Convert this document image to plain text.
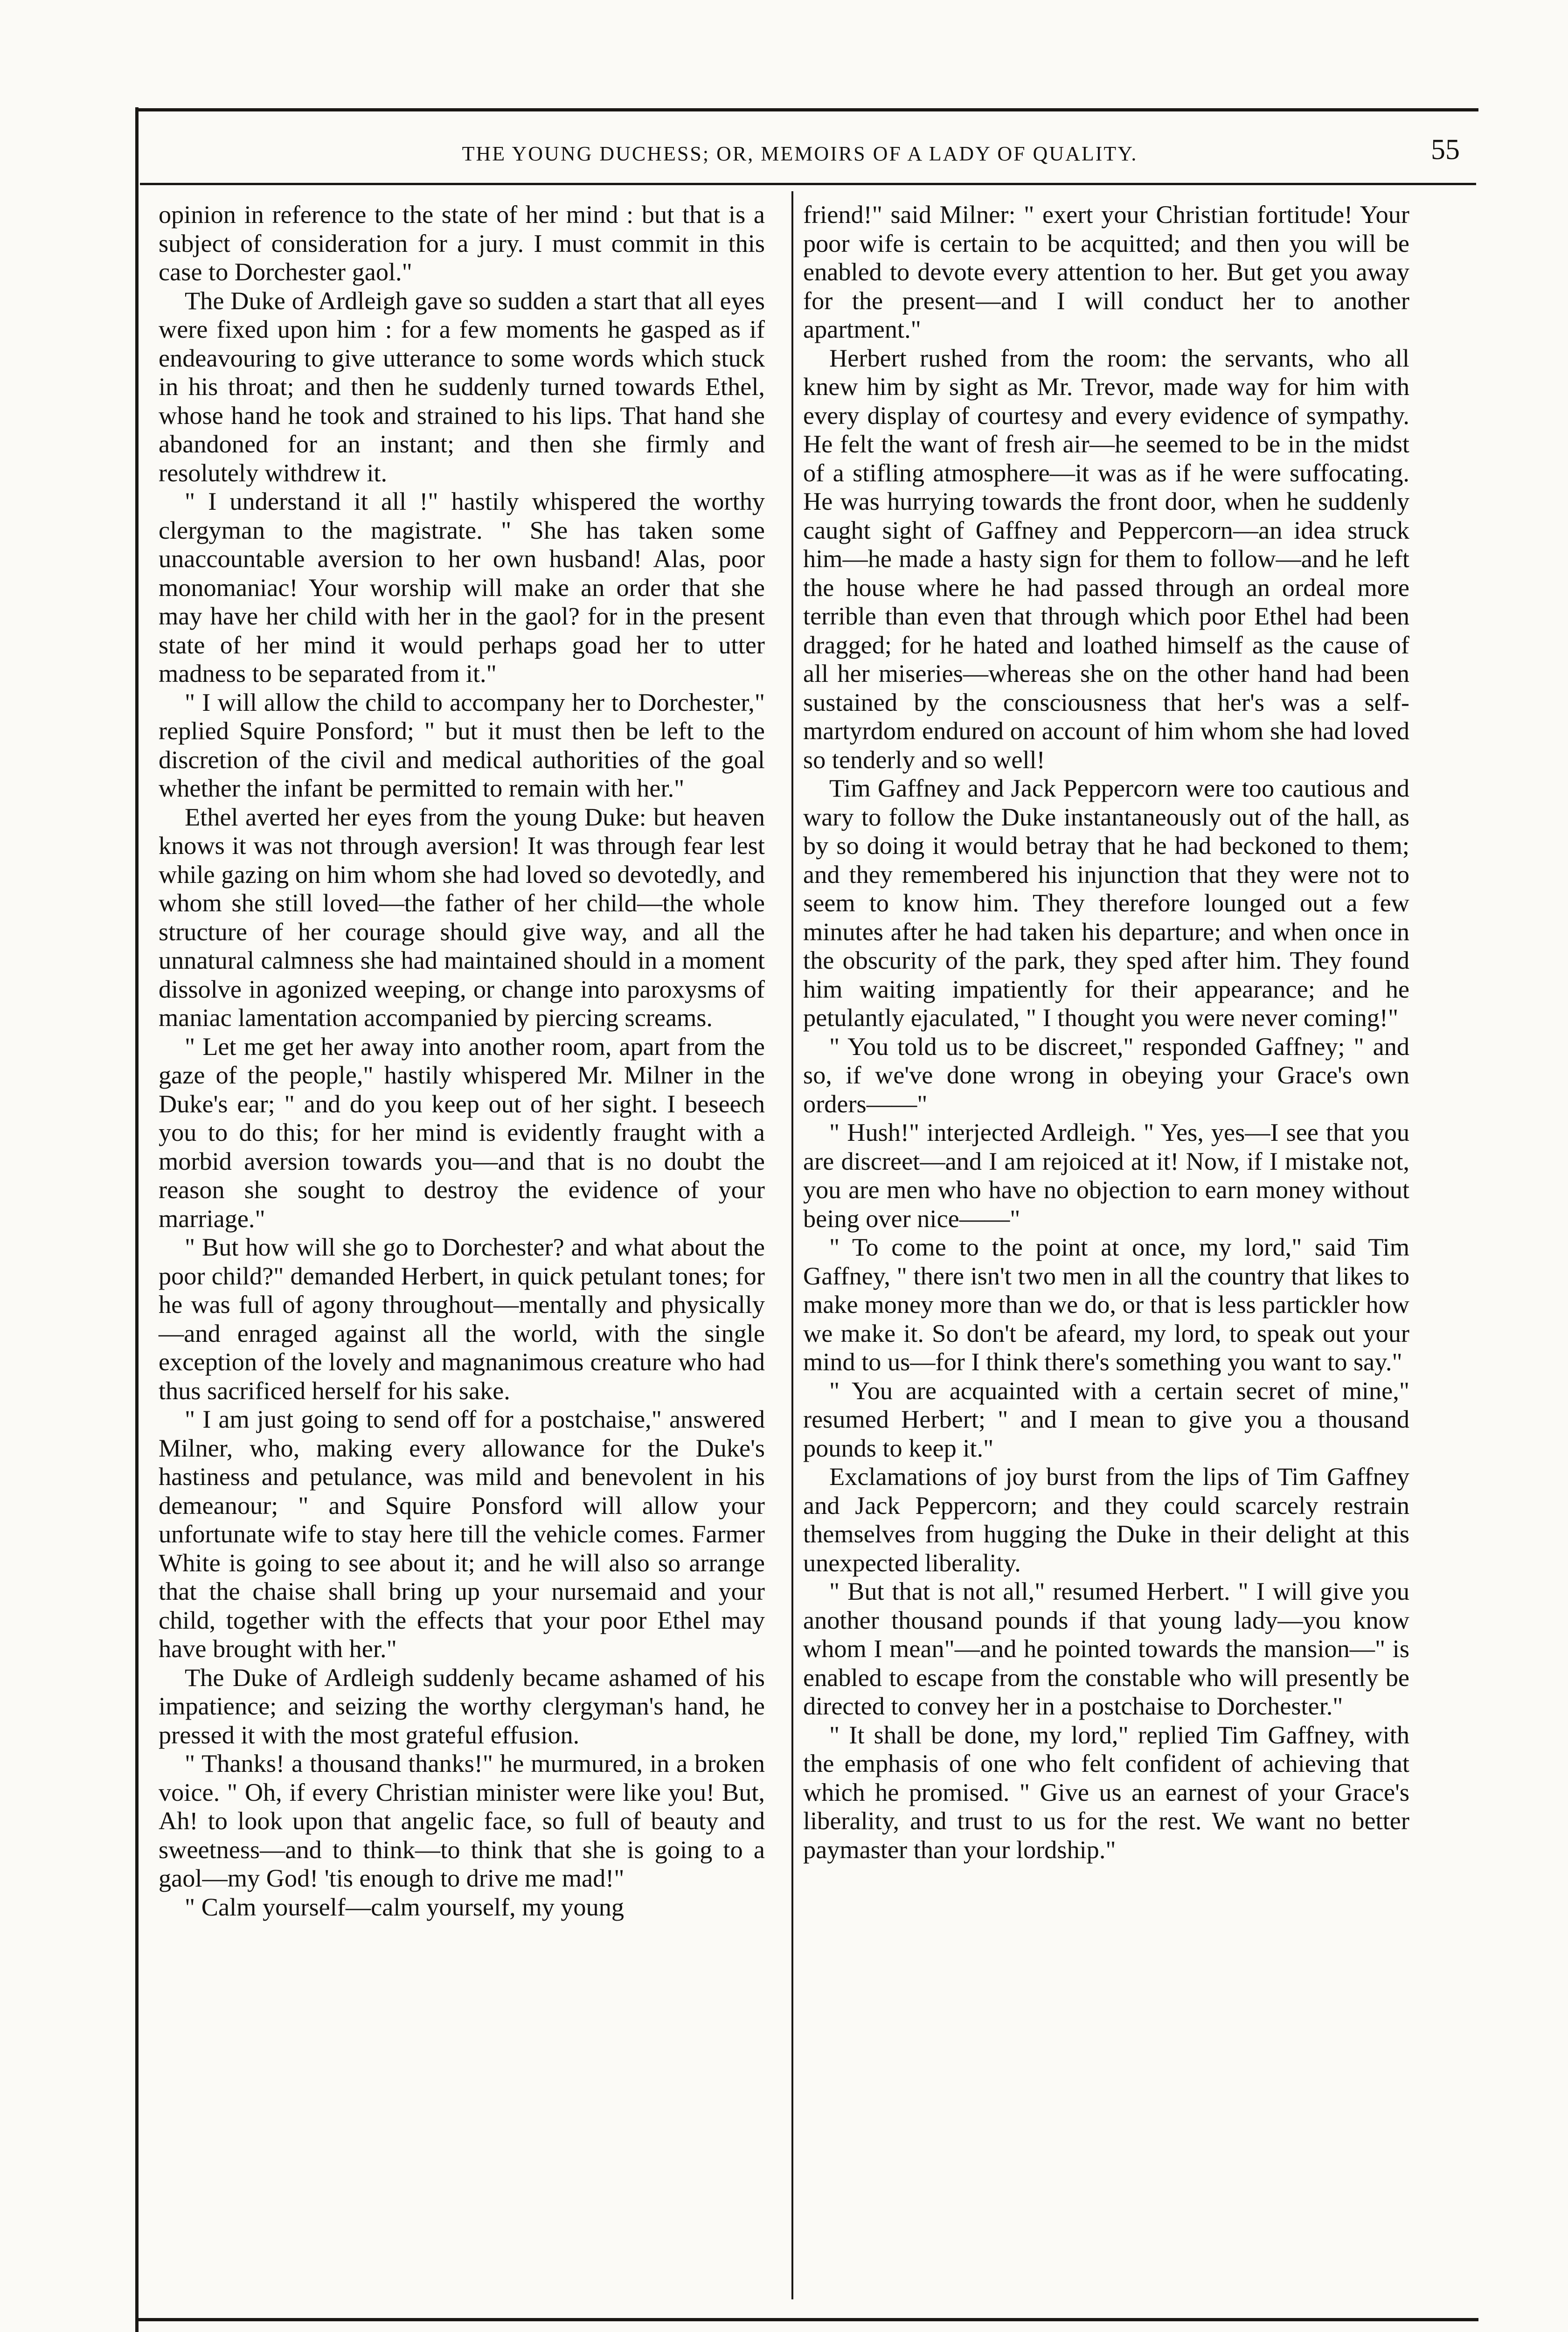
THE YOUNG DUCHESS; OR, MEMOIRS OF A LADY OF QUALITY.	55

opinion in reference to the state of her mind : but that is a subject of consideration for a jury. I must commit in this case to Dorchester gaol."

The Duke of Ardleigh gave so sudden a start that all eyes were fixed upon him : for a few moments he gasped as if endeavouring to give utterance to some words which stuck in his throat; and then he suddenly turned towards Ethel, whose hand he took and strained to his lips. That hand she abandoned for an instant; and then she firmly and resolutely withdrew it.

" I understand it all !" hastily whispered the worthy clergyman to the magistrate. " She has taken some unaccountable aversion to her own husband! Alas, poor monomaniac! Your worship will make an order that she may have her child with her in the gaol? for in the present state of her mind it would perhaps goad her to utter madness to be separated from it."

" I will allow the child to accompany her to Dorchester," replied Squire Ponsford; " but it must then be left to the discretion of the civil and medical authorities of the goal whether the infant be permitted to remain with her."

Ethel averted her eyes from the young Duke: but heaven knows it was not through aversion! It was through fear lest while gazing on him whom she had loved so devotedly, and whom she still loved—the father of her child—the whole structure of her courage should give way, and all the unnatural calmness she had maintained should in a moment dissolve in agonized weeping, or change into paroxysms of maniac lamentation accompanied by piercing screams.

" Let me get her away into another room, apart from the gaze of the people," hastily whispered Mr. Milner in the Duke's ear; " and do you keep out of her sight. I beseech you to do this; for her mind is evidently fraught with a morbid aversion towards you—and that is no doubt the reason she sought to destroy the evidence of your marriage."

" But how will she go to Dorchester? and what about the poor child?" demanded Herbert, in quick petulant tones; for he was full of agony throughout—mentally and physically—and enraged against all the world, with the single exception of the lovely and magnanimous creature who had thus sacrificed herself for his sake.

" I am just going to send off for a postchaise," answered Milner, who, making every allowance for the Duke's hastiness and petulance, was mild and benevolent in his demeanour; " and Squire Ponsford will allow your unfortunate wife to stay here till the vehicle comes. Farmer White is going to see about it; and he will also so arrange that the chaise shall bring up your nursemaid and your child, together with the effects that your poor Ethel may have brought with her."

The Duke of Ardleigh suddenly became ashamed of his impatience; and seizing the worthy clergyman's hand, he pressed it with the most grateful effusion.

" Thanks! a thousand thanks!" he murmured, in a broken voice. " Oh, if every Christian minister were like you! But, Ah! to look upon that angelic face, so full of beauty and sweetness—and to think—to think that she is going to a gaol—my God! 'tis enough to drive me mad!"

" Calm yourself—calm yourself, my young

friend!" said Milner: " exert your Christian fortitude! Your poor wife is certain to be acquitted; and then you will be enabled to devote every attention to her. But get you away for the present—and I will conduct her to another apartment."

Herbert rushed from the room: the servants, who all knew him by sight as Mr. Trevor, made way for him with every display of courtesy and every evidence of sympathy. He felt the want of fresh air—he seemed to be in the midst of a stifling atmosphere—it was as if he were suffocating. He was hurrying towards the front door, when he suddenly caught sight of Gaffney and Peppercorn—an idea struck him—he made a hasty sign for them to follow—and he left the house where he had passed through an ordeal more terrible than even that through which poor Ethel had been dragged; for he hated and loathed himself as the cause of all her miseries—whereas she on the other hand had been sustained by the consciousness that her's was a self-martyrdom endured on account of him whom she had loved so tenderly and so well!

Tim Gaffney and Jack Peppercorn were too cautious and wary to follow the Duke instantaneously out of the hall, as by so doing it would betray that he had beckoned to them; and they remembered his injunction that they were not to seem to know him. They therefore lounged out a few minutes after he had taken his departure; and when once in the obscurity of the park, they sped after him. They found him waiting impatiently for their appearance; and he petulantly ejaculated, " I thought you were never coming!"

" You told us to be discreet," responded Gaffney; " and so, if we've done wrong in obeying your Grace's own orders——"

" Hush!" interjected Ardleigh. " Yes, yes—I see that you are discreet—and I am rejoiced at it! Now, if I mistake not, you are men who have no objection to earn money without being over nice——"

" To come to the point at once, my lord," said Tim Gaffney, " there isn't two men in all the country that likes to make money more than we do, or that is less partickler how we make it. So don't be afeard, my lord, to speak out your mind to us—for I think there's something you want to say."

" You are acquainted with a certain secret of mine," resumed Herbert; " and I mean to give you a thousand pounds to keep it."

Exclamations of joy burst from the lips of Tim Gaffney and Jack Peppercorn; and they could scarcely restrain themselves from hugging the Duke in their delight at this unexpected liberality.

" But that is not all," resumed Herbert. " I will give you another thousand pounds if that young lady—you know whom I mean"—and he pointed towards the mansion—" is enabled to escape from the constable who will presently be directed to convey her in a postchaise to Dorchester."

" It shall be done, my lord," replied Tim Gaffney, with the emphasis of one who felt confident of achieving that which he promised. " Give us an earnest of your Grace's liberality, and trust to us for the rest. We want no better paymaster than your lordship."
